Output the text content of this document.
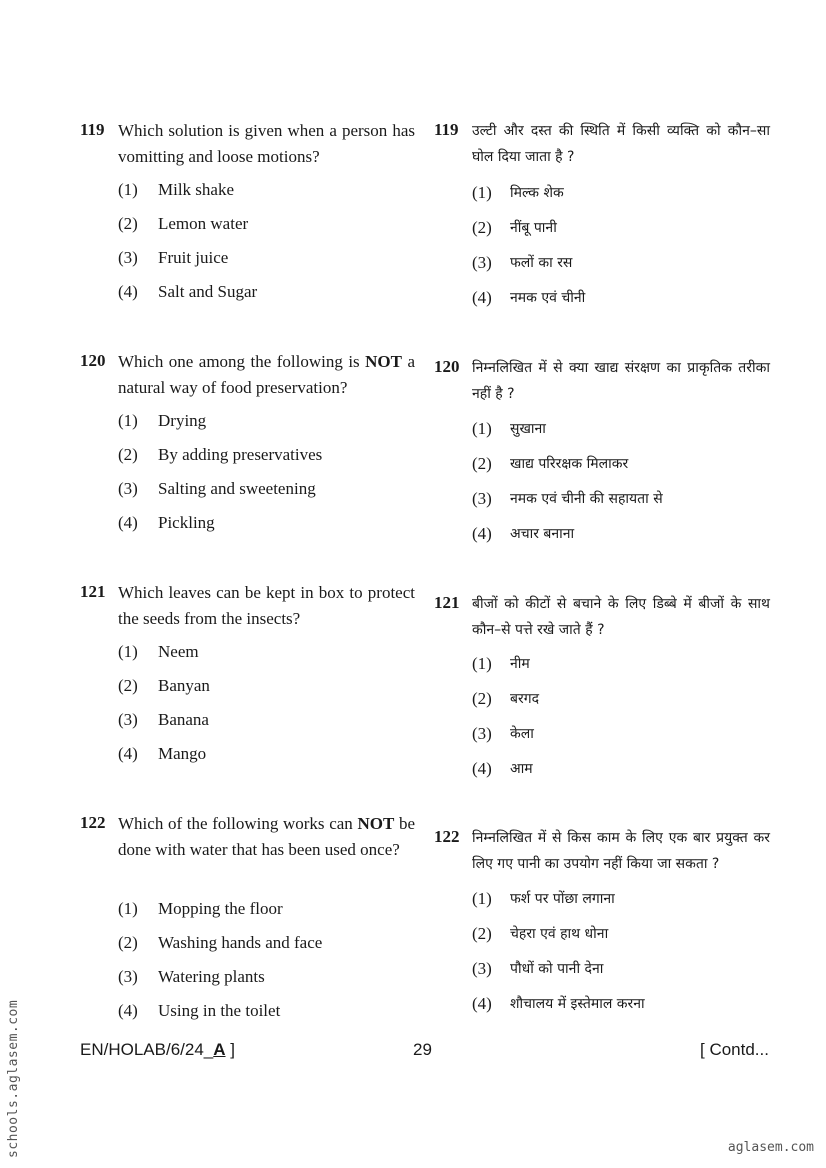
119 Which solution is given when a person has vomitting and loose motions?
(1) Milk shake
(2) Lemon water
(3) Fruit juice
(4) Salt and Sugar
120 Which one among the following is NOT a natural way of food preservation?
(1) Drying
(2) By adding preservatives
(3) Salting and sweetening
(4) Pickling
121 Which leaves can be kept in box to protect the seeds from the insects?
(1) Neem
(2) Banyan
(3) Banana
(4) Mango
122 Which of the following works can NOT be done with water that has been used once?
(1) Mopping the floor
(2) Washing hands and face
(3) Watering plants
(4) Using in the toilet
119 उल्टी और दस्त की स्थिति में किसी व्यक्ति को कौन–सा घोल दिया जाता है ?
(1) मिल्क शेक
(2) नींबू पानी
(3) फलों का रस
(4) नमक एवं चीनी
120 निम्नलिखित में से क्या खाद्य संरक्षण का प्राकृतिक तरीका नहीं है ?
(1) सुखाना
(2) खाद्य परिरक्षक मिलाकर
(3) नमक एवं चीनी की सहायता से
(4) अचार बनाना
121 बीजों को कीटों से बचाने के लिए डिब्बे में बीजों के साथ कौन–से पत्ते रखे जाते हैं ?
(1) नीम
(2) बरगद
(3) केला
(4) आम
122 निम्नलिखित में से किस काम के लिए एक बार प्रयुक्त कर लिए गए पानी का उपयोग नहीं किया जा सकता ?
(1) फर्श पर पोंछा लगाना
(2) चेहरा एवं हाथ धोना
(3) पौधों को पानी देना
(4) शौचालय में इस्तेमाल करना
EN/HOLAB/6/24_A ]	29	[ Contd...
schools.aglasem.com	aglasem.com
